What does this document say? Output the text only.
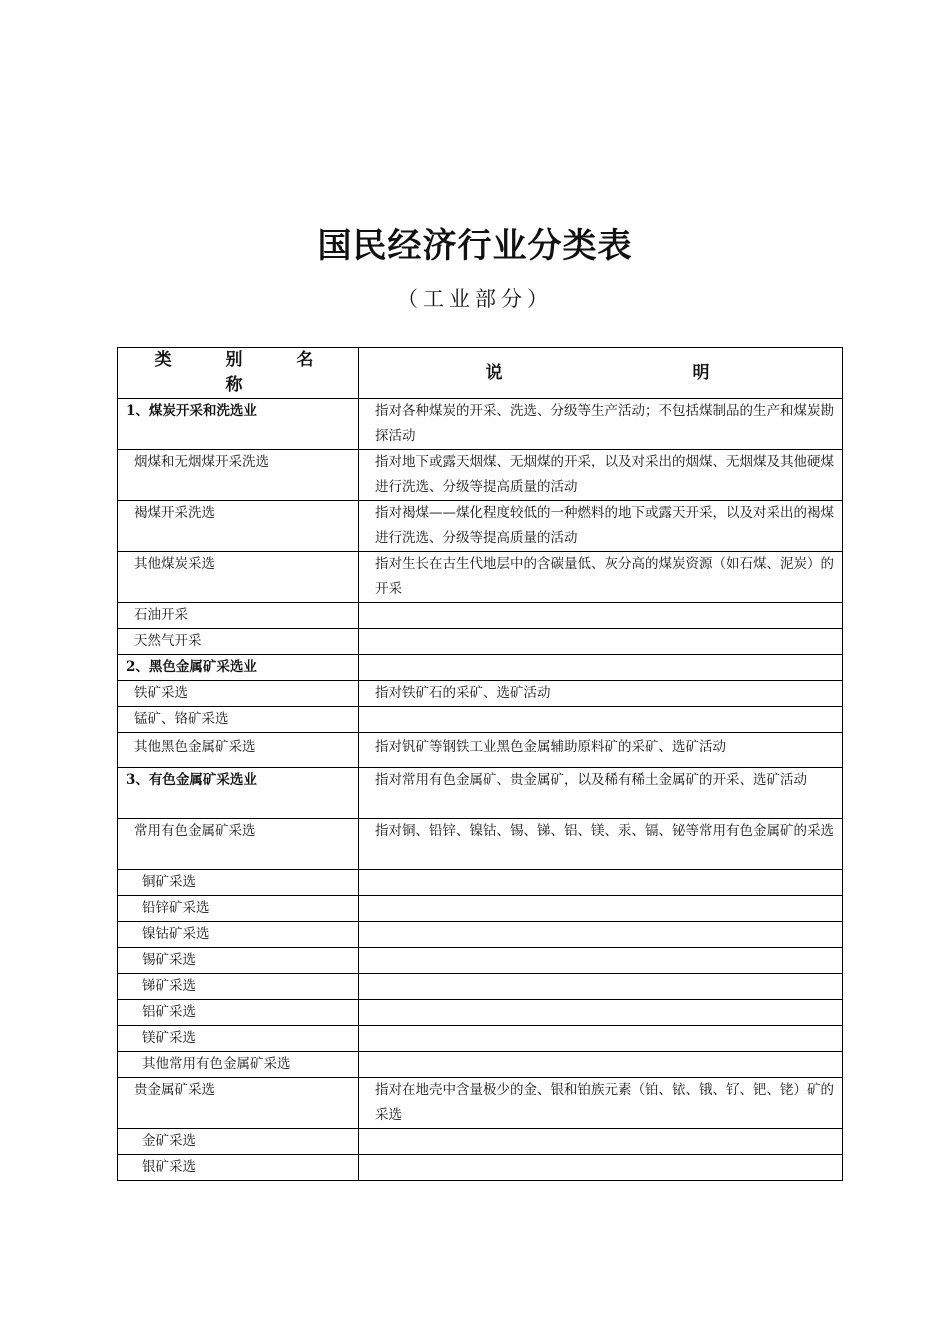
国民经济行业分类表
（工业部分）
类 别 名 称	说 明
1、煤炭开采和洗选业	指对各种煤炭的开采、洗选、分级等生产活动；不包括煤制品的生产和煤炭勘探活动
烟煤和无烟煤开采洗选	指对地下或露天烟煤、无烟煤的开采，以及对采出的烟煤、无烟煤及其他硬煤进行洗选、分级等提高质量的活动
褐煤开采洗选	指对褐煤——煤化程度较低的一种燃料的地下或露天开采，以及对采出的褐煤进行洗选、分级等提高质量的活动
其他煤炭采选	指对生长在古生代地层中的含碳量低、灰分高的煤炭资源（如石煤、泥炭）的开采
石油开采	
天然气开采	
2、黑色金属矿采选业	
铁矿采选	指对铁矿石的采矿、选矿活动
锰矿、铬矿采选	
其他黑色金属矿采选	指对钒矿等钢铁工业黑色金属辅助原料矿的采矿、选矿活动
3、有色金属矿采选业	指对常用有色金属矿、贵金属矿，以及稀有稀土金属矿的开采、选矿活动
常用有色金属矿采选	指对铜、铅锌、镍钴、锡、锑、铝、镁、汞、镉、铋等常用有色金属矿的采选
铜矿采选	
铅锌矿采选	
镍钴矿采选	
锡矿采选	
锑矿采选	
铝矿采选	
镁矿采选	
其他常用有色金属矿采选	
贵金属矿采选	指对在地壳中含量极少的金、银和铂族元素（铂、铱、锇、钌、钯、铑）矿的采选
金矿采选	
银矿采选	
